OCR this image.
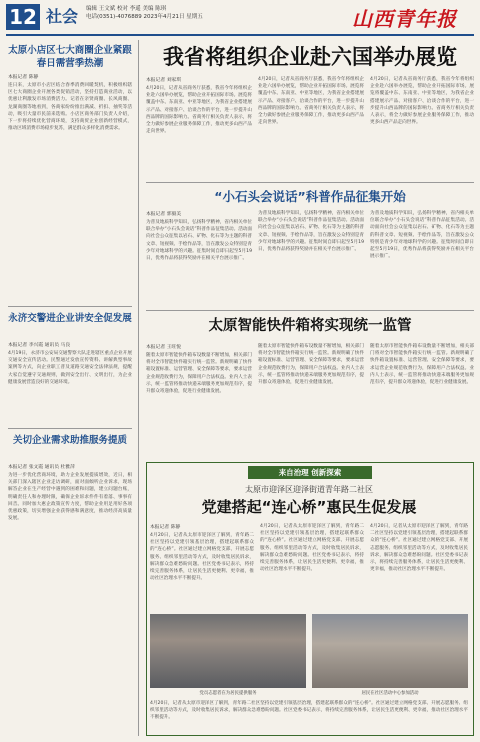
12 社会 编辑 王文斌 校对 李遥 美编 陈琪
电话(0351)-4076889 2023年4月21日 星期五	山西青年报
太原小店区七大商圈企业紧跟春日需营季热潮
本报记者 陈静
连日来，太原市小店区结合春季消费回暖契机，积极组织辖区七大商圈企业开展各类促销活动，坚持打造商业活动，以优惠让利激发市场消费活力。记者在亲贤商圈、长风商圈、龙湖商圈等地看到，各商家纷纷推出满减、折扣、抽奖等活动，吸引大量市民前来选购。小店区商务部门负责人介绍，下一步将持续优化营商环境，支持商贸企业创新经营模式，推动区域消费市场稳步复苏，满足群众多样化消费需求。
永济交警进企业讲安全促发展
本报记者 李兴霞 通讯员 马良
4月19日，永济市公安局交通警察大队走进辖区重点企业开展交通安全宣传活动。民警通过发放宣传资料、讲解典型事故案例等方式，向企业职工普及道路交通安全法律法规，提醒大家自觉遵守交通规则，做到安全出行、文明出行，为企业健康发展营造良好的交通环境。
关切企业需求助推服务提质
本报记者 张文霞 通讯员 杜雅萍
为进一步优化营商环境，助力企业发展提质增效，近日，相关部门深入辖区企业走访调研，面对面倾听企业诉求，现场解答企业在生产经营中遇到的困难和问题，建立问题台账，明确责任人和办理时限，确保企业诉求件件有着落、事事有回音。同时加大惠企政策宣传力度，帮助企业用足用好各项优惠政策，切实增强企业获得感和满意度，推动经济高质量发展。
我省将组织企业赴六国举办展览
本报记者 刘家琪
4月20日，记者从省商务厅获悉，我省今年将组织企业赴六国举办展览，帮助企业开拓国际市场。展览将覆盖中东、东南亚、中亚等地区，为我省企业搭建展示产品、对接客户、洽谈合作的平台，进一步提升山西品牌的国际影响力。省商务厅相关负责人表示，将全力做好参展企业服务保障工作，推动更多山西产品走向世界。
4月20日，记者从省商务厅获悉，我省今年将组织企业赴六国举办展览，帮助企业开拓国际市场。展览将覆盖中东、东南亚、中亚等地区，为我省企业搭建展示产品、对接客户、洽谈合作的平台，进一步提升山西品牌的国际影响力。省商务厅相关负责人表示，将全力做好参展企业服务保障工作，推动更多山西产品走向世界。
4月20日，记者从省商务厅获悉，我省今年将组织企业赴六国举办展览，帮助企业开拓国际市场。展览将覆盖中东、东南亚、中亚等地区，为我省企业搭建展示产品、对接客户、洽谈合作的平台，进一步提升山西品牌的国际影响力。省商务厅相关负责人表示，将全力做好参展企业服务保障工作，推动更多山西产品走向世界。
“小石头会说话”科普作品征集开始
本报记者 郭毅美
为普及地质科学知识，弘扬科学精神，省内相关单位联合举办“小石头会说话”科普作品征集活动。活动面向社会公众征集以岩石、矿物、化石等为主题的科普文章、短视频、手绘作品等，旨在激发公众特别是青少年对地球科学的兴趣。征集时间自即日起至5月19日，优秀作品将获得奖励并在相关平台展示推广。
为普及地质科学知识，弘扬科学精神，省内相关单位联合举办“小石头会说话”科普作品征集活动。活动面向社会公众征集以岩石、矿物、化石等为主题的科普文章、短视频、手绘作品等，旨在激发公众特别是青少年对地球科学的兴趣。征集时间自即日起至5月19日，优秀作品将获得奖励并在相关平台展示推广。
为普及地质科学知识，弘扬科学精神，省内相关单位联合举办“小石头会说话”科普作品征集活动。活动面向社会公众征集以岩石、矿物、化石等为主题的科普文章、短视频、手绘作品等，旨在激发公众特别是青少年对地球科学的兴趣。征集时间自即日起至5月19日，优秀作品将获得奖励并在相关平台展示推广。
太原智能快件箱将实现统一监管
本报记者 王旺悦
随着太原市智能快件箱布设数量不断增加，相关部门将对全市智能快件箱实行统一监管。新规明确了快件箱设置标准、运营管理、安全保障等要求，要求运营企业规范收费行为，保障用户合法权益。业内人士表示，统一监管将推动快递末端服务更加规范有序，提升群众寄递体验，促进行业健康发展。
随着太原市智能快件箱布设数量不断增加，相关部门将对全市智能快件箱实行统一监管。新规明确了快件箱设置标准、运营管理、安全保障等要求，要求运营企业规范收费行为，保障用户合法权益。业内人士表示，统一监管将推动快递末端服务更加规范有序，提升群众寄递体验，促进行业健康发展。
随着太原市智能快件箱布设数量不断增加，相关部门将对全市智能快件箱实行统一监管。新规明确了快件箱设置标准、运营管理、安全保障等要求，要求运营企业规范收费行为，保障用户合法权益。业内人士表示，统一监管将推动快递末端服务更加规范有序，提升群众寄递体验，促进行业健康发展。
来自治理 创新探索
太原市迎泽区迎泽街道青年路二社区
党建搭起“连心桥”惠民生促发展
本报记者 陈静
4月20日，记者从太原市迎泽区了解到，青年路二社区坚持以党建引领基层治理，搭建起联系群众的“连心桥”。社区通过建立网格党支部、开展志愿服务、组织邻里活动等方式，及时收集居民诉求，解决群众急难愁盼问题。社区党委书记表示，将持续完善服务体系，让居民生活更便利、更幸福，推动社区治理水平不断提升。
4月20日，记者从太原市迎泽区了解到，青年路二社区坚持以党建引领基层治理，搭建起联系群众的“连心桥”。社区通过建立网格党支部、开展志愿服务、组织邻里活动等方式，及时收集居民诉求，解决群众急难愁盼问题。社区党委书记表示，将持续完善服务体系，让居民生活更便利、更幸福，推动社区治理水平不断提升。
4月20日，记者从太原市迎泽区了解到，青年路二社区坚持以党建引领基层治理，搭建起联系群众的“连心桥”。社区通过建立网格党支部、开展志愿服务、组织邻里活动等方式，及时收集居民诉求，解决群众急难愁盼问题。社区党委书记表示，将持续完善服务体系，让居民生活更便利、更幸福，推动社区治理水平不断提升。
党员志愿者在为居民提供服务	居民在社区活动中心参加活动
4月20日，记者从太原市迎泽区了解到，青年路二社区坚持以党建引领基层治理，搭建起联系群众的“连心桥”。社区通过建立网格党支部、开展志愿服务、组织邻里活动等方式，及时收集居民诉求，解决群众急难愁盼问题。社区党委书记表示，将持续完善服务体系，让居民生活更便利、更幸福，推动社区治理水平不断提升。
